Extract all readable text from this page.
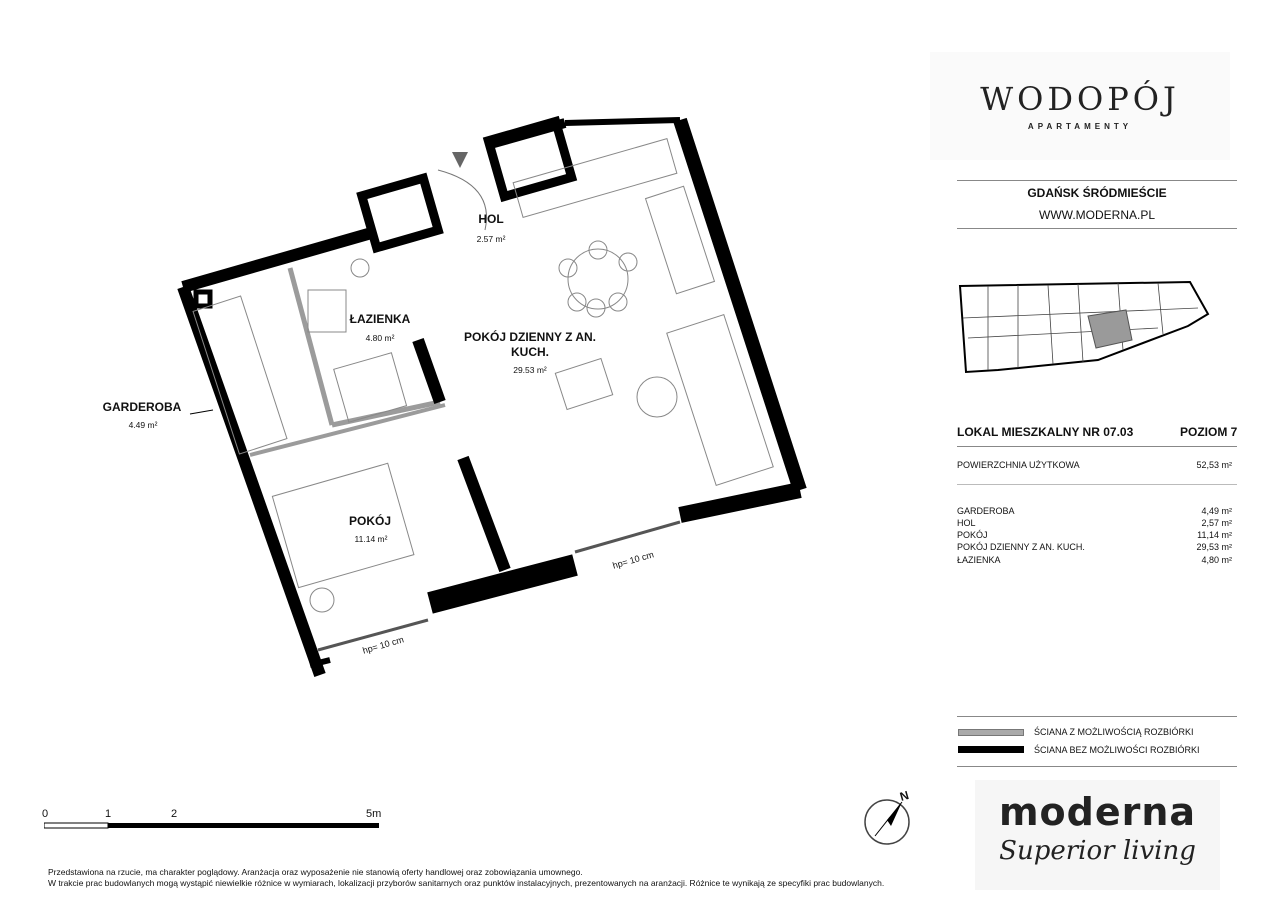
HOL
2.57 m²
ŁAZIENKA
4.80 m²	POKÓJ DZIENNY Z AN.
KUCH.
29.53 m²
GARDEROBA
4.49 m²
POKÓJ
11.14 m²
hp= 10 cm
hp= 10 cm
WODOPÓJ
APARTAMENTY
GDAŃSK ŚRÓDMIEŚCIE
WWW.MODERNA.PL
LOKAL MIESZKALNY NR 07.03	POZIOM 7
POWIERZCHNIA UŻYTKOWA	52,53 m²
GARDEROBA	4,49 m²
HOL	2,57 m²
POKÓJ	11,14 m²
POKÓJ DZIENNY Z AN. KUCH.	29,53 m²
ŁAZIENKA	4,80 m²
ŚCIANA Z MOŻLIWOŚCIĄ ROZBIÓRKI
ŚCIANA BEZ MOŻLIWOŚCI ROZBIÓRKI
0	1	2	5m
N
Przedstawiona na rzucie, ma charakter poglądowy. Aranżacja oraz wyposażenie nie stanowią oferty handlowej oraz zobowiązania umownego.
W trakcie prac budowlanych mogą wystąpić niewielkie różnice w wymiarach, lokalizacji przyborów sanitarnych oraz punktów instalacyjnych, prezentowanych na aranżacji. Różnice te wynikają ze specyfiki prac budowlanych.
moderna
Superior living
